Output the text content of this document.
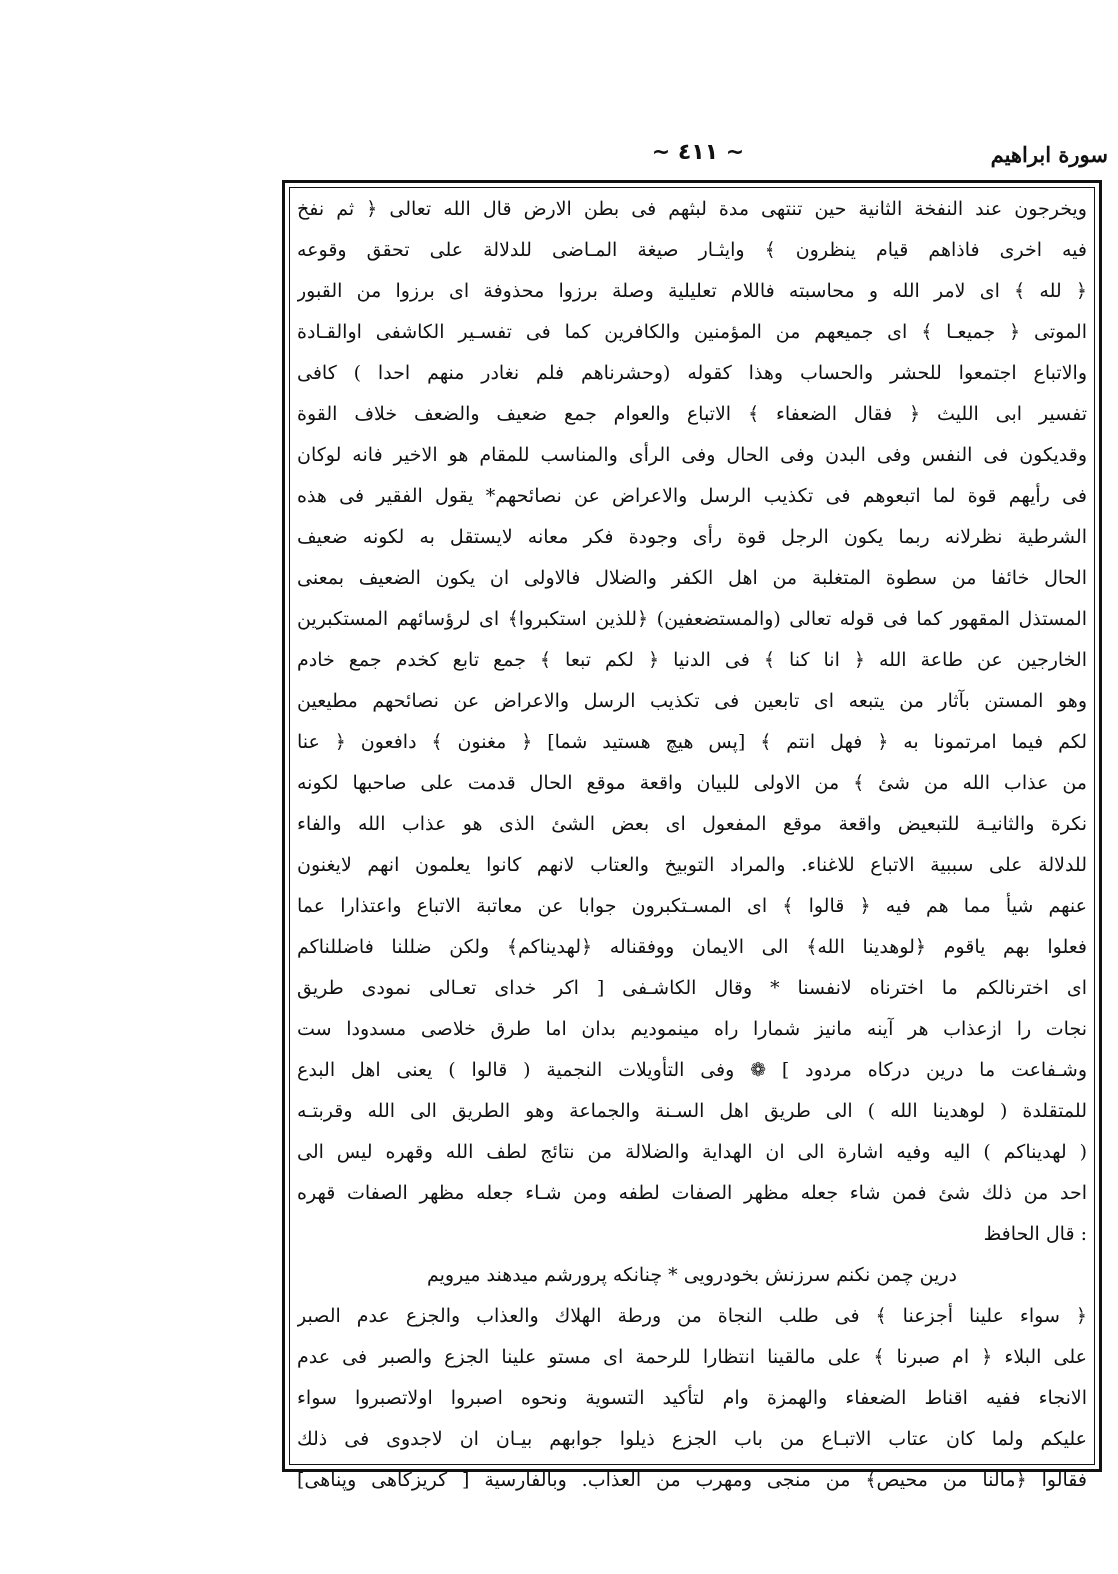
سورة ابراهيم
~ ٤١١ ~
ويخرجون عند النفخة الثانية حين تنتهى مدة لبثهم فى بطن الارض قال الله تعالى ﴿ ثم نفخ
فيه اخرى فاذاهم قيام ينظرون ﴾ وايثـار صيغة المـاضى للدلالة على تحقق وقوعه
﴿ لله ﴾ اى لامر الله و محاسبته فاللام تعليلية وصلة برزوا محذوفة اى برزوا من القبور
الموتى ﴿ جميعـا ﴾ اى جميعهم من المؤمنين والكافرين كما فى تفسـير الكاشفى اوالقـادة
والاتباع اجتمعوا للحشر والحساب وهذا كقوله (وحشرناهم فلم نغادر منهم احدا ) كافى
تفسير ابى الليث ﴿ فقال الضعفاء ﴾ الاتباع والعوام جمع ضعيف والضعف خلاف القوة
وقديكون فى النفس وفى البدن وفى الحال وفى الرأى والمناسب للمقام هو الاخير فانه لوكان
فى رأيهم قوة لما اتبعوهم فى تكذيب الرسل والاعراض عن نصائحهم* يقول الفقير فى هذه
الشرطية نظرلانه ربما يكون الرجل قوة رأى وجودة فكر معانه لايستقل به لكونه ضعيف
الحال خائفا من سطوة المتغلبة من اهل الكفر والضلال فالاولى ان يكون الضعيف بمعنى
المستذل المقهور كما فى قوله تعالى (والمستضعفين) ﴿للذين استكبروا﴾ اى لرؤسائهم المستكبرين
الخارجين عن طاعة الله ﴿ انا كنا ﴾ فى الدنيا ﴿ لكم تبعا ﴾ جمع تابع كخدم جمع خادم
وهو المستن بآثار من يتبعه اى تابعين فى تكذيب الرسل والاعراض عن نصائحهم مطيعين
لكم فيما امرتمونا به ﴿ فهل انتم ﴾ [پس هيچ هستيد شما] ﴿ مغنون ﴾ دافعون ﴿ عنا
من عذاب الله من شئ ﴾ من الاولى للبيان واقعة موقع الحال قدمت على صاحبها لكونه
نكرة والثانيـة للتبعيض واقعة موقع المفعول اى بعض الشئ الذى هو عذاب الله والفاء
للدلالة على سببية الاتباع للاغناء. والمراد التوبيخ والعتاب لانهم كانوا يعلمون انهم لايغنون
عنهم شيأ مما هم فيه ﴿ قالوا ﴾ اى المسـتكبرون جوابا عن معاتبة الاتباع واعتذارا عما
فعلوا بهم ياقوم ﴿لوهدينا الله﴾ الى الايمان ووفقناله ﴿لهديناكم﴾ ولكن ضللنا فاضللناكم
اى اخترنالكم ما اخترناه لانفسنا * وقال الكاشـفى [ اكر خداى تعـالى نمودى طريق
نجات را ازعذاب هر آينه مانيز شمارا راه مينموديم بدان اما طرق خلاصى مسدودا ست
وشـفاعت ما درين دركاه مردود ] ❁ وفى التأويلات النجمية ( قالوا ) يعنى اهل البدع
للمتقلدة ( لوهدينا الله ) الى طريق اهل السـنة والجماعة وهو الطريق الى الله وقربتـه
( لهديناكم ) اليه وفيه اشارة الى ان الهداية والضلالة من نتائج لطف الله وقهره ليس الى
احد من ذلك شئ فمن شاء جعله مظهر الصفات لطفه ومن شـاء جعله مظهر الصفات قهره
: قال الحافظ
درين چمن نكنم سرزنش بخودرويى * چنانكه پرورشم ميدهند ميرويم
﴿ سواء علينا أجزعنا ﴾ فى طلب النجاة من ورطة الهلاك والعذاب والجزع عدم الصبر
على البلاء ﴿ ام صبرنا ﴾ على مالقينا انتظارا للرحمة اى مستو علينا الجزع والصبر فى عدم
الانجاء ففيه اقناط الضعفاء والهمزة وام لتأكيد التسوية ونحوه اصبروا اولاتصبروا سواء
عليكم ولما كان عتاب الاتبـاع من باب الجزع ذيلوا جوابهم بيـان ان لاجدوى فى ذلك
فقالوا ﴿مالنا من محيص﴾ من منجى ومهرب من العذاب. وبالفارسية [ كريزكاهى وپناهى]
